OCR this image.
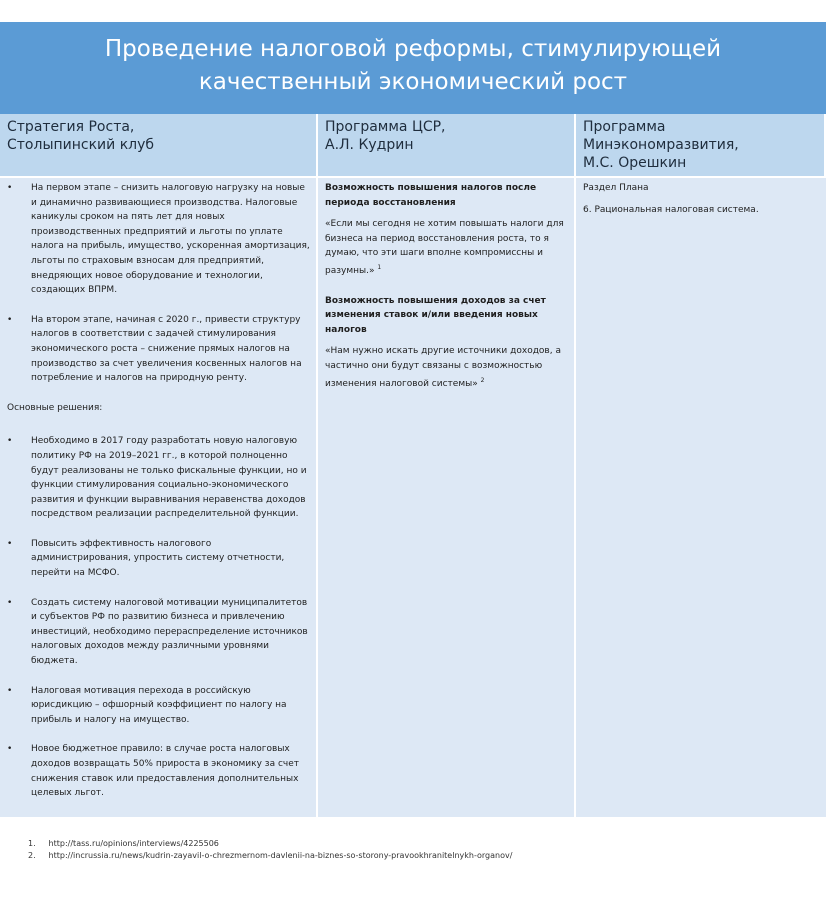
Проведение налоговой реформы, стимулирующей
качественный экономический рост
Стратегия Роста,
Столыпинский клуб
Программа ЦСР,
А.Л. Кудрин
Программа
Минэкономразвития,
М.С. Орешкин
• На первом этапе – снизить налоговую нагрузку на новые и динамично развивающиеся производства. Налоговые каникулы сроком на пять лет для новых производственных предприятий и льготы по уплате налога на прибыль, имущество, ускоренная амортизация, льготы по страховым взносам для предприятий, внедряющих новое оборудование и технологии, создающих ВПРМ.
• На втором этапе, начиная с 2020 г., привести структуру налогов в соответствии с задачей стимулирования экономического роста – снижение прямых налогов на производство за счет увеличения косвенных налогов на потребление и налогов на природную ренту.
Основные решения:
• Необходимо в 2017 году разработать новую налоговую политику РФ на 2019–2021 гг., в которой полноценно будут реализованы не только фискальные функции, но и функции стимулирования социально-экономического развития и функции выравнивания неравенства доходов посредством реализации распределительной функции.
• Повысить эффективность налогового администрирования, упростить систему отчетности, перейти на МСФО.
• Создать систему налоговой мотивации муниципалитетов и субъектов РФ по развитию бизнеса и привлечению инвестиций, необходимо перераспределение источников налоговых доходов между различными уровнями бюджета.
• Налоговая мотивация перехода в российскую юрисдикцию – офшорный коэффициент по налогу на прибыль и налогу на имущество.
• Новое бюджетное правило: в случае роста налоговых доходов возвращать 50% прироста в экономику за счет снижения ставок или предоставления дополнительных целевых льгот.
Возможность повышения налогов после периода восстановления
«Если мы сегодня не хотим повышать налоги для бизнеса на период восстановления роста, то я думаю, что эти шаги вполне компромиссны и разумны.» $^1$
Возможность повышения доходов за счет изменения ставок и/или введения новых налогов
«Нам нужно искать другие источники доходов, а частично они будут связаны с возможностью изменения налоговой системы» $^2$
Раздел Плана
6. Рациональная налоговая система.
1. http://tass.ru/opinions/interviews/4225506
2. http://incrussia.ru/news/kudrin-zayavil-o-chrezmernom-davlenii-na-biznes-so-storony-pravookhranitelnykh-organov/
